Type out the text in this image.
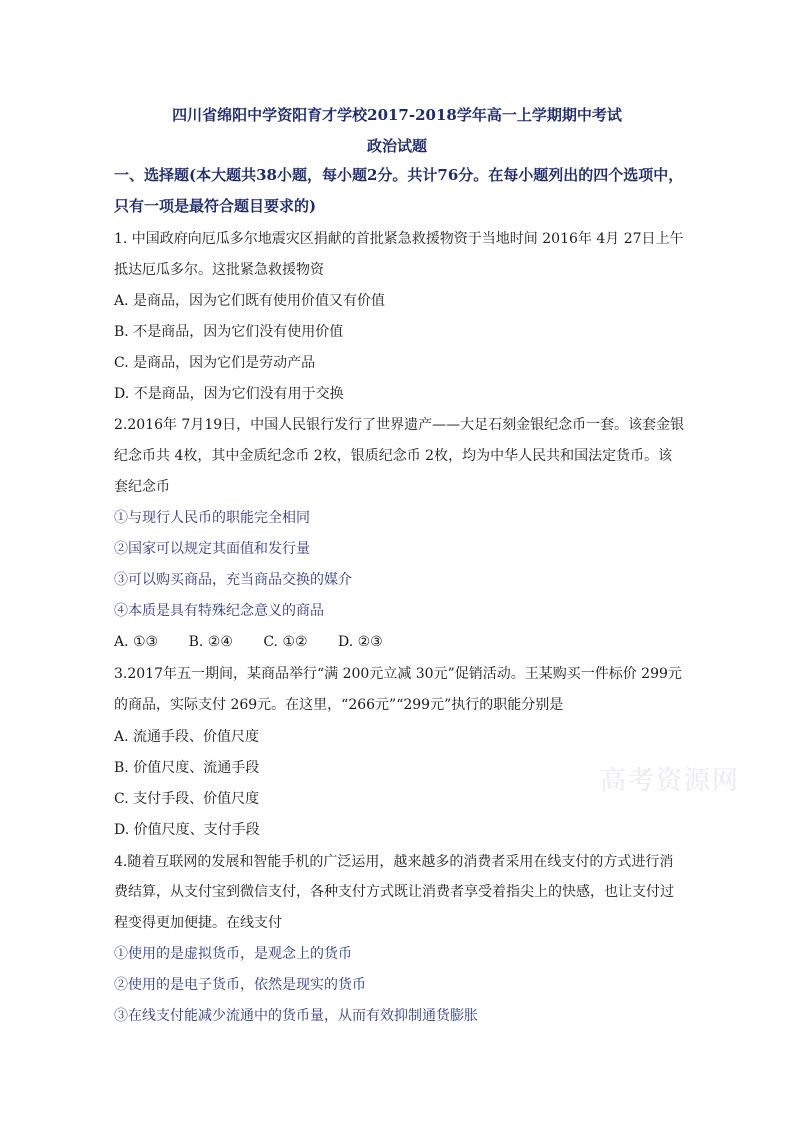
四川省绵阳中学资阳育才学校2017-2018学年高一上学期期中考试
政治试题
一、选择题(本大题共38小题，每小题2分。共计76分。在每小题列出的四个选项中，只有一项是最符合题目要求的)
1. 中国政府向厄瓜多尔地震灾区捐献的首批紧急救援物资于当地时间 2016年 4月 27日上午
抵达厄瓜多尔。这批紧急救援物资
A. 是商品，因为它们既有使用价值又有价值
B. 不是商品，因为它们没有使用价值
C. 是商品，因为它们是劳动产品
D. 不是商品，因为它们没有用于交换
2.2016年 7月19日，中国人民银行发行了世界遗产——大足石刻金银纪念币一套。该套金银
纪念币共 4枚，其中金质纪念币 2枚，银质纪念币 2枚，均为中华人民共和国法定货币。该
套纪念币
①与现行人民币的职能完全相同
②国家可以规定其面值和发行量
③可以购买商品，充当商品交换的媒介
④本质是具有特殊纪念意义的商品
A. ①③ B. ②④ C. ①② D. ②③
3.2017年五一期间，某商品举行“满 200元立减 30元”促销活动。王某购买一件标价 299元
的商品，实际支付 269元。在这里，“266元”“299元”执行的职能分别是
A. 流通手段、价值尺度
B. 价值尺度、流通手段
C. 支付手段、价值尺度
D. 价值尺度、支付手段
4.随着互联网的发展和智能手机的广泛运用，越来越多的消费者采用在线支付的方式进行消
费结算，从支付宝到微信支付，各种支付方式既让消费者享受着指尖上的快感，也让支付过
程变得更加便捷。在线支付
①使用的是虚拟货币，是观念上的货币
②使用的是电子货币，依然是现实的货币
③在线支付能减少流通中的货币量，从而有效抑制通货膨胀
高考资源网
